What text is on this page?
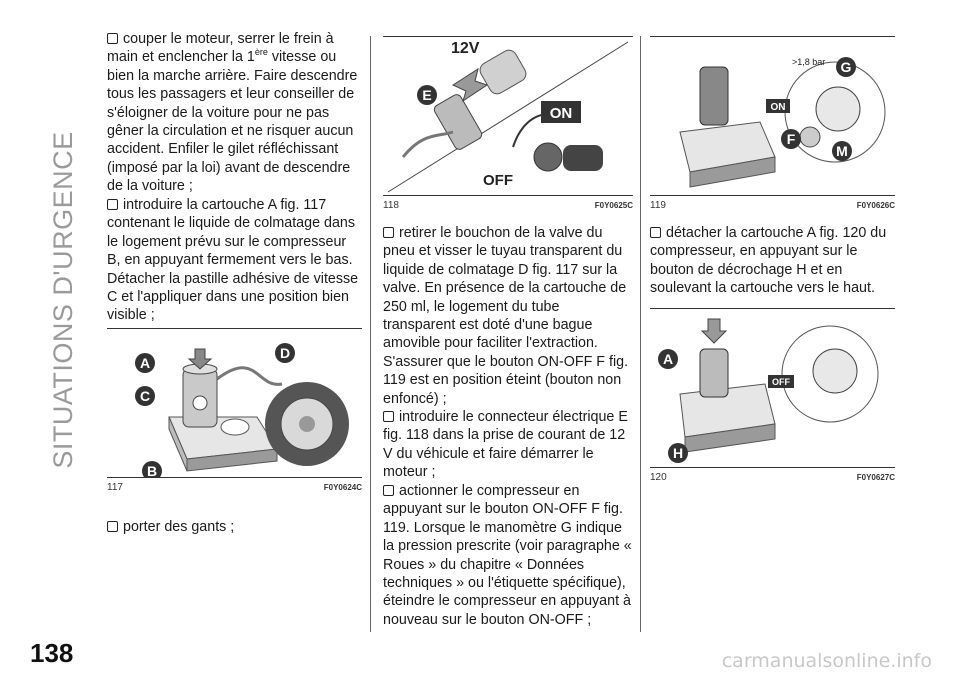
SITUATIONS D'URGENCE
138
couper le moteur, serrer le frein à
main et enclencher la 1ère vitesse ou bien la marche arrière. Faire descendre tous les passagers et leur conseiller de s'éloigner de la voiture pour ne pas gêner la circulation et ne risquer aucun accident. Enfiler le gilet réfléchissant (imposé par la loi) avant de descendre de la voiture ;
introduire la cartouche A fig. 117 contenant le liquide de colmatage dans le logement prévu sur le compresseur B, en appuyant fermement vers le bas. Détacher la pastille adhésive de vitesse C et l'appliquer dans une position bien visible ;
A
C
B
D
117	F0Y0624C
porter des gants ;
12V
E
ON
OFF
118	F0Y0625C
retirer le bouchon de la valve du pneu et visser le tuyau transparent du liquide de colmatage D fig. 117 sur la valve. En présence de la cartouche de 250 ml, le logement du tube transparent est doté d'une bague amovible pour faciliter l'extraction. S'assurer que le bouton ON-OFF F fig. 119 est en position éteint (bouton non enfoncé) ;
introduire le connecteur électrique E fig. 118 dans la prise de courant de 12 V du véhicule et faire démarrer le moteur ;
actionner le compresseur en appuyant sur le bouton ON-OFF F fig. 119. Lorsque le manomètre G indique la pression prescrite (voir paragraphe « Roues » du chapitre « Données techniques » ou l'étiquette spécifique), éteindre le compresseur en appuyant à nouveau sur le bouton ON-OFF ;
>1,8 bar G
ON
F
M
119	F0Y0626C
détacher la cartouche A fig. 120 du compresseur, en appuyant sur le bouton de décrochage H et en soulevant la cartouche vers le haut.
A
OFF
H
120	F0Y0627C
carmanualsonline.info
